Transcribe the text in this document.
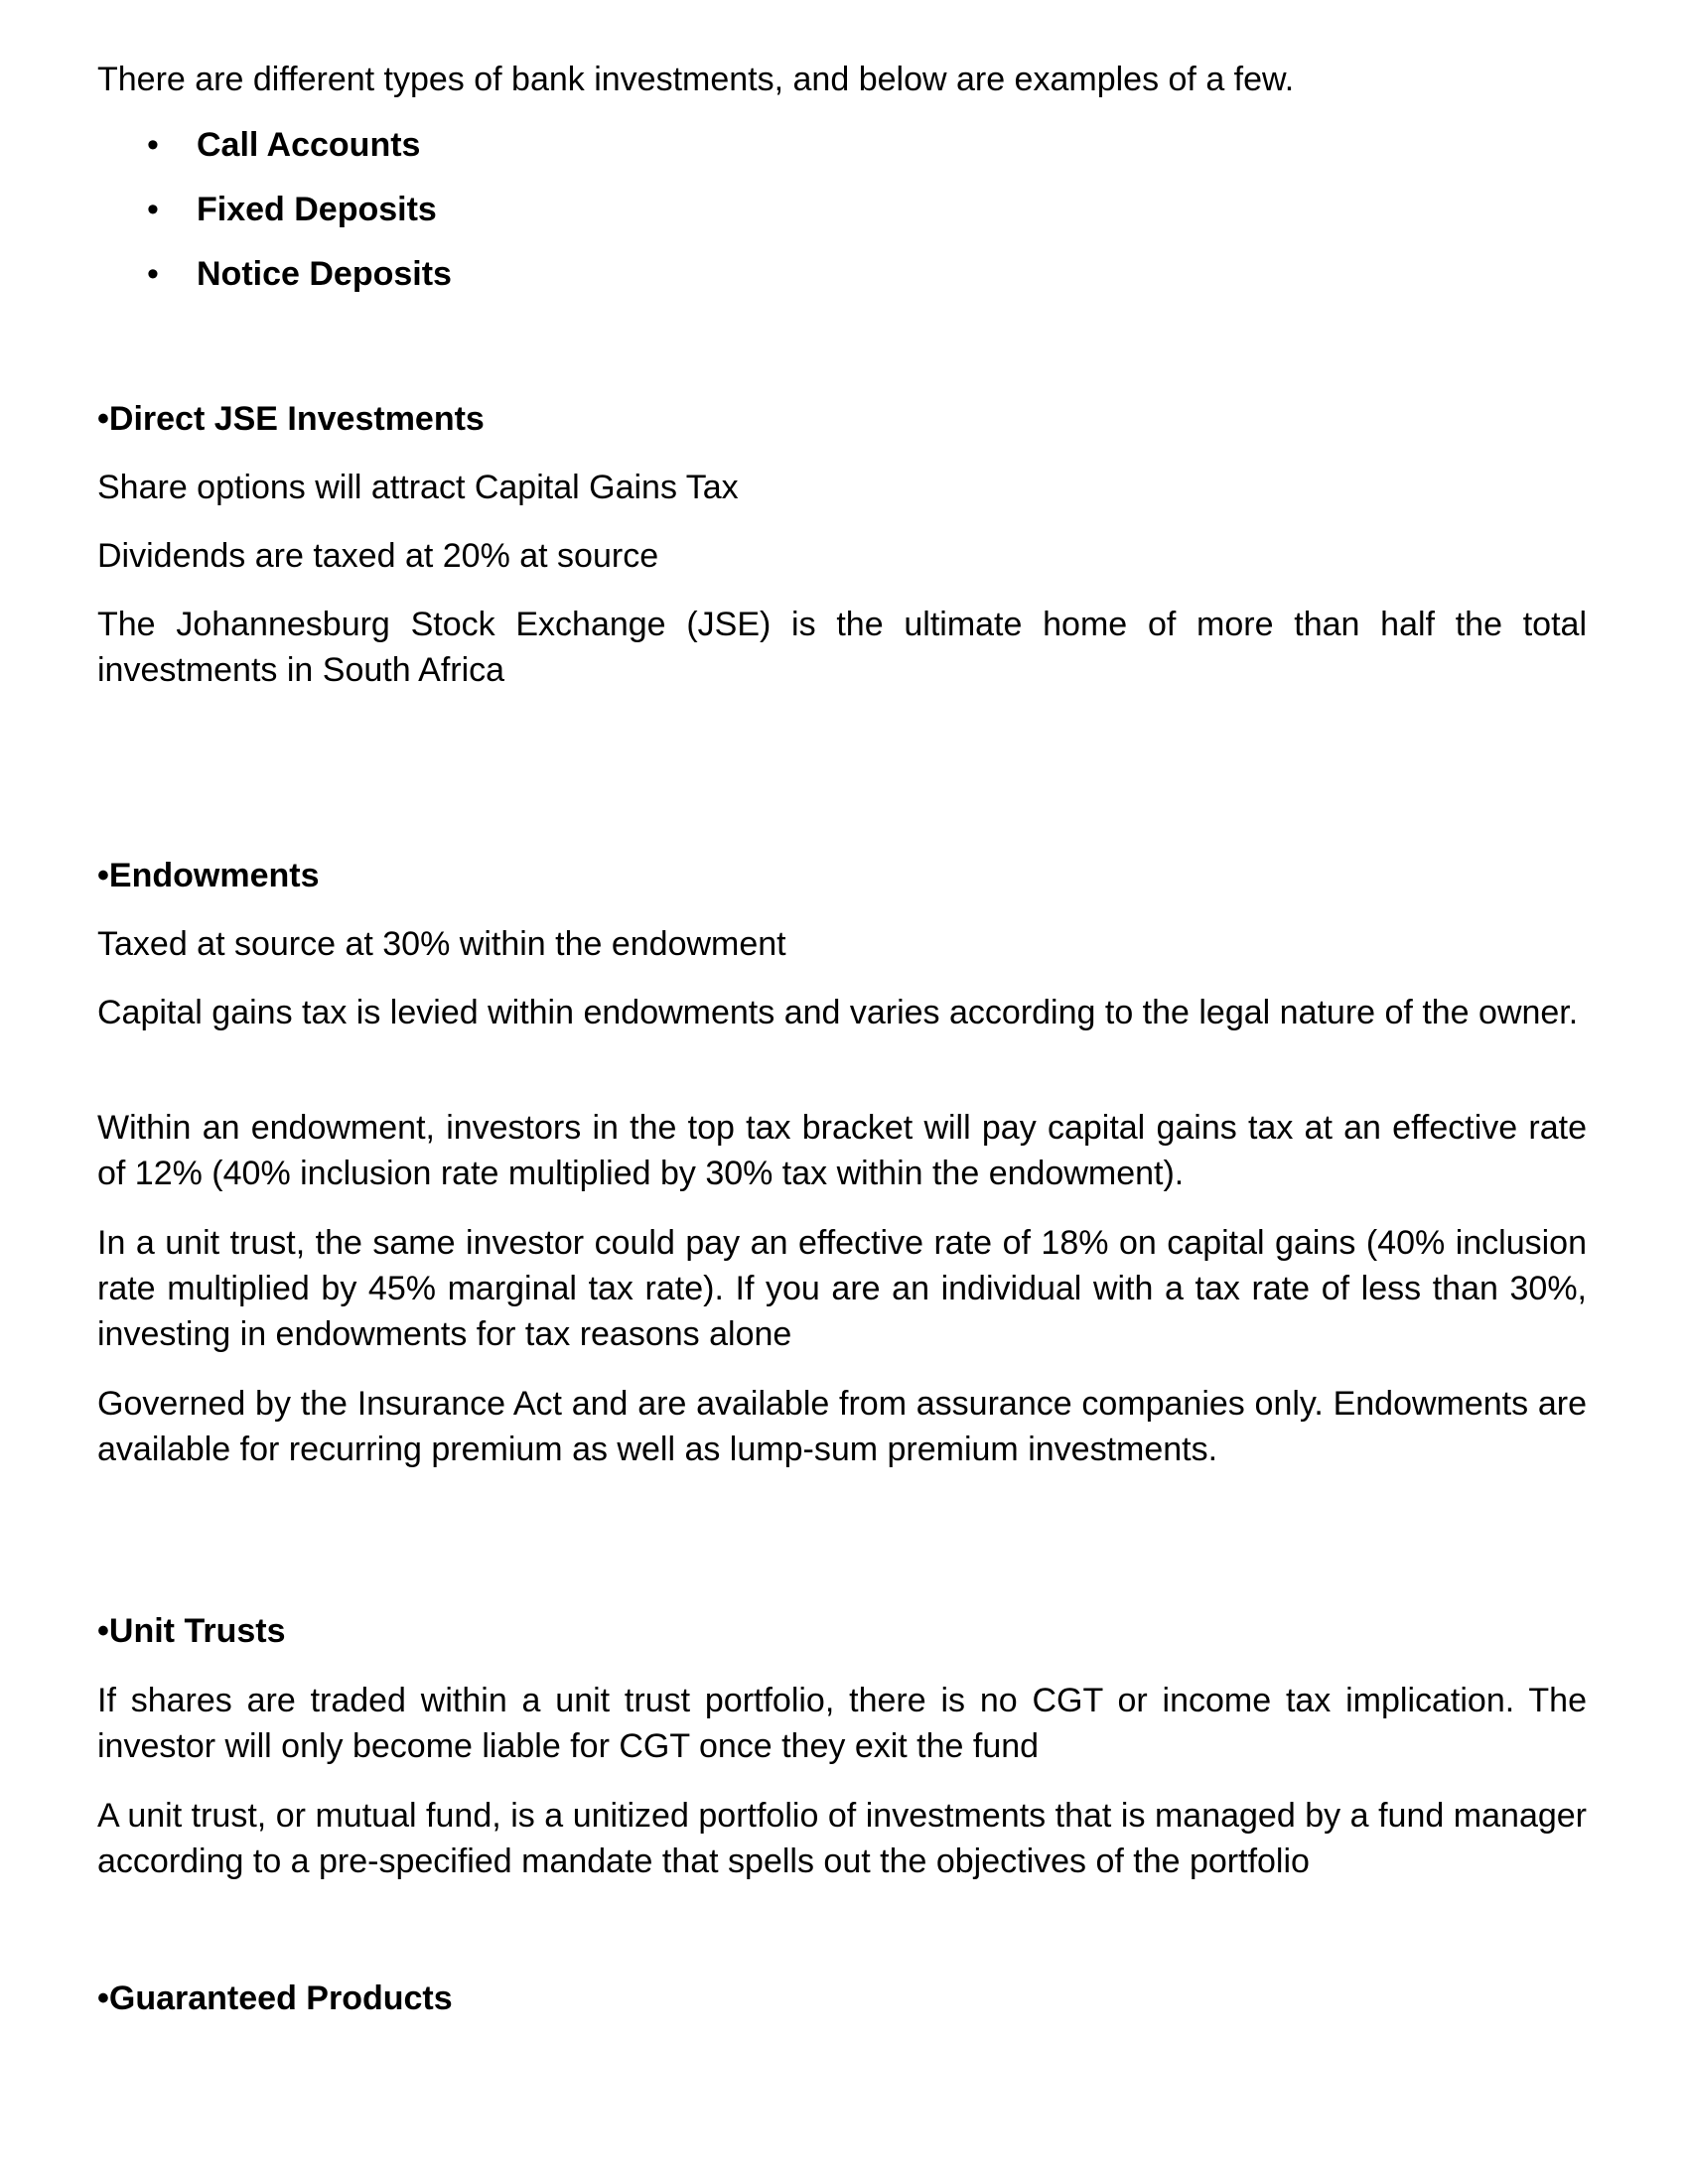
There are different types of bank investments, and below are examples of a few.

• Call Accounts
• Fixed Deposits
• Notice Deposits
•Direct JSE Investments

Share options will attract Capital Gains Tax

Dividends are taxed at 20% at source

The Johannesburg Stock Exchange (JSE) is the ultimate home of more than half the total investments in South Africa

•Endowments

Taxed at source at 30% within the endowment

Capital gains tax is levied within endowments and varies according to the legal nature of the owner.

Within an endowment, investors in the top tax bracket will pay capital gains tax at an effective rate of 12% (40% inclusion rate multiplied by 30% tax within the endowment).

In a unit trust, the same investor could pay an effective rate of 18% on capital gains (40% inclusion rate multiplied by 45% marginal tax rate). If you are an individual with a tax rate of less than 30%, investing in endowments for tax reasons alone

Governed by the Insurance Act and are available from assurance companies only. Endowments are available for recurring premium as well as lump-sum premium investments.

•Unit Trusts

If shares are traded within a unit trust portfolio, there is no CGT or income tax implication. The investor will only become liable for CGT once they exit the fund

A unit trust, or mutual fund, is a unitized portfolio of investments that is managed by a fund manager according to a pre-specified mandate that spells out the objectives of the portfolio

•Guaranteed Products
